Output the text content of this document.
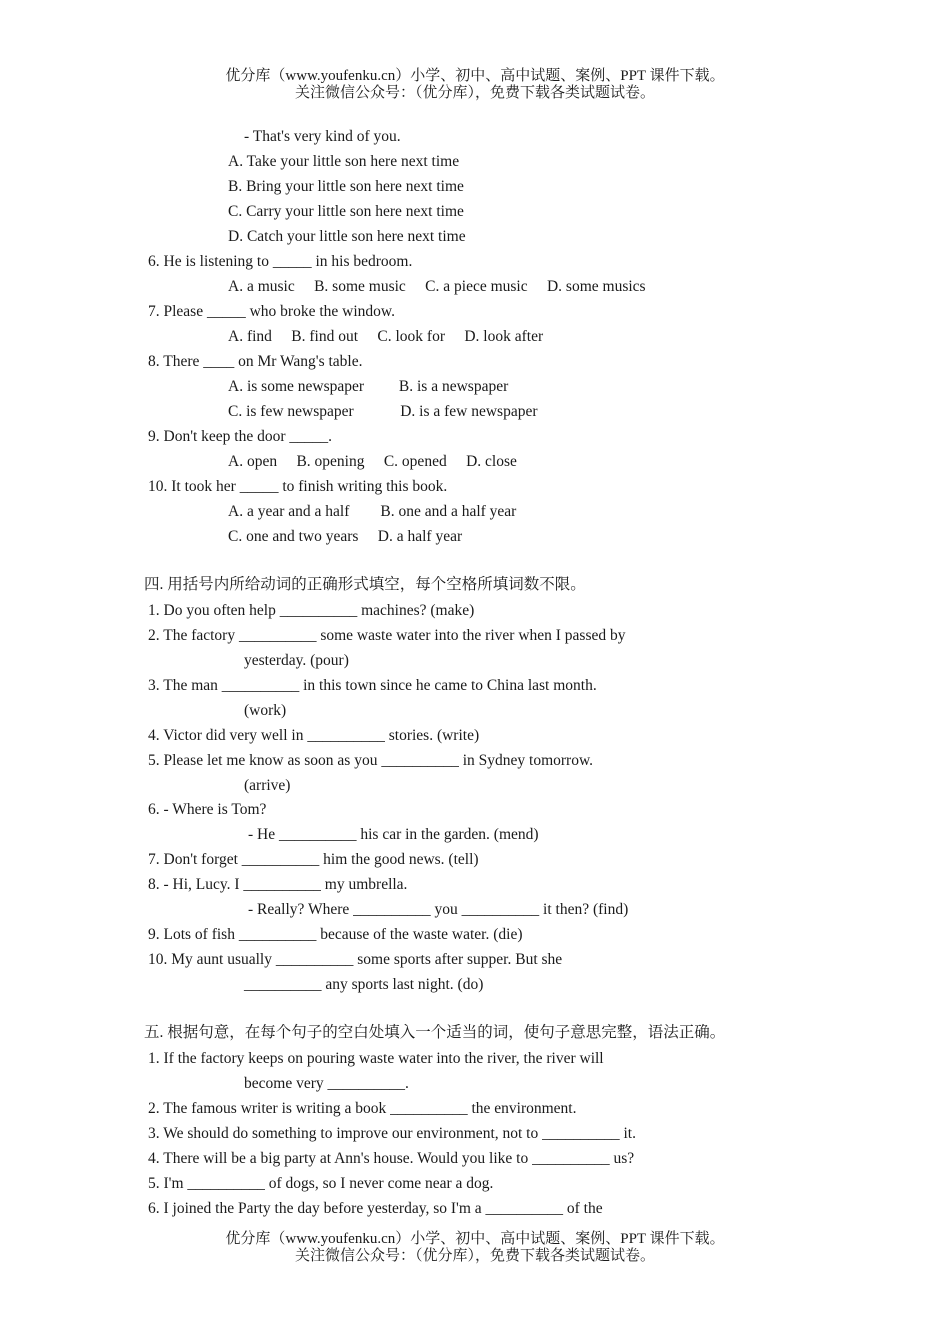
优分库（www.youfenku.cn）小学、初中、高中试题、案例、PPT 课件下载。
关注微信公众号：（优分库），免费下载各类试题试卷。
- That's very kind of you.
A. Take your little son here next time
B. Bring your little son here next time
C. Carry your little son here next time
D. Catch your little son here next time
6. He is listening to _____ in his bedroom.
A. a music     B. some music     C. a piece music     D. some musics
7. Please _____ who broke the window.
A. find     B. find out     C. look for     D. look after
8. There ____ on Mr Wang's table.
A. is some newspaper         B. is a newspaper
C. is few newspaper            D. is a few newspaper
9. Don't keep the door _____.
A. open     B. opening     C. opened     D. close
10. It took her _____ to finish writing this book.
A. a year and a half        B. one and a half year
C. one and two years     D. a half year
四. 用括号内所给动词的正确形式填空，每个空格所填词数不限。
1. Do you often help __________ machines? (make)
2. The factory __________ some waste water into the river when I passed by
yesterday. (pour)
3. The man __________ in this town since he came to China last month.
(work)
4. Victor did very well in __________ stories. (write)
5. Please let me know as soon as you __________ in Sydney tomorrow.
(arrive)
6. - Where is Tom?
- He __________ his car in the garden. (mend)
7. Don't forget __________ him the good news. (tell)
8. - Hi, Lucy. I __________ my umbrella.
- Really? Where __________ you __________ it then? (find)
9. Lots of fish __________ because of the waste water. (die)
10. My aunt usually __________ some sports after supper. But she
__________ any sports last night. (do)
五. 根据句意，在每个句子的空白处填入一个适当的词，使句子意思完整，语法正确。
1. If the factory keeps on pouring waste water into the river, the river will
become very __________.
2. The famous writer is writing a book __________ the environment.
3. We should do something to improve our environment, not to __________ it.
4. There will be a big party at Ann's house. Would you like to __________ us?
5. I'm __________ of dogs, so I never come near a dog.
6. I joined the Party the day before yesterday, so I'm a __________ of the
优分库（www.youfenku.cn）小学、初中、高中试题、案例、PPT 课件下载。
关注微信公众号：（优分库），免费下载各类试题试卷。
